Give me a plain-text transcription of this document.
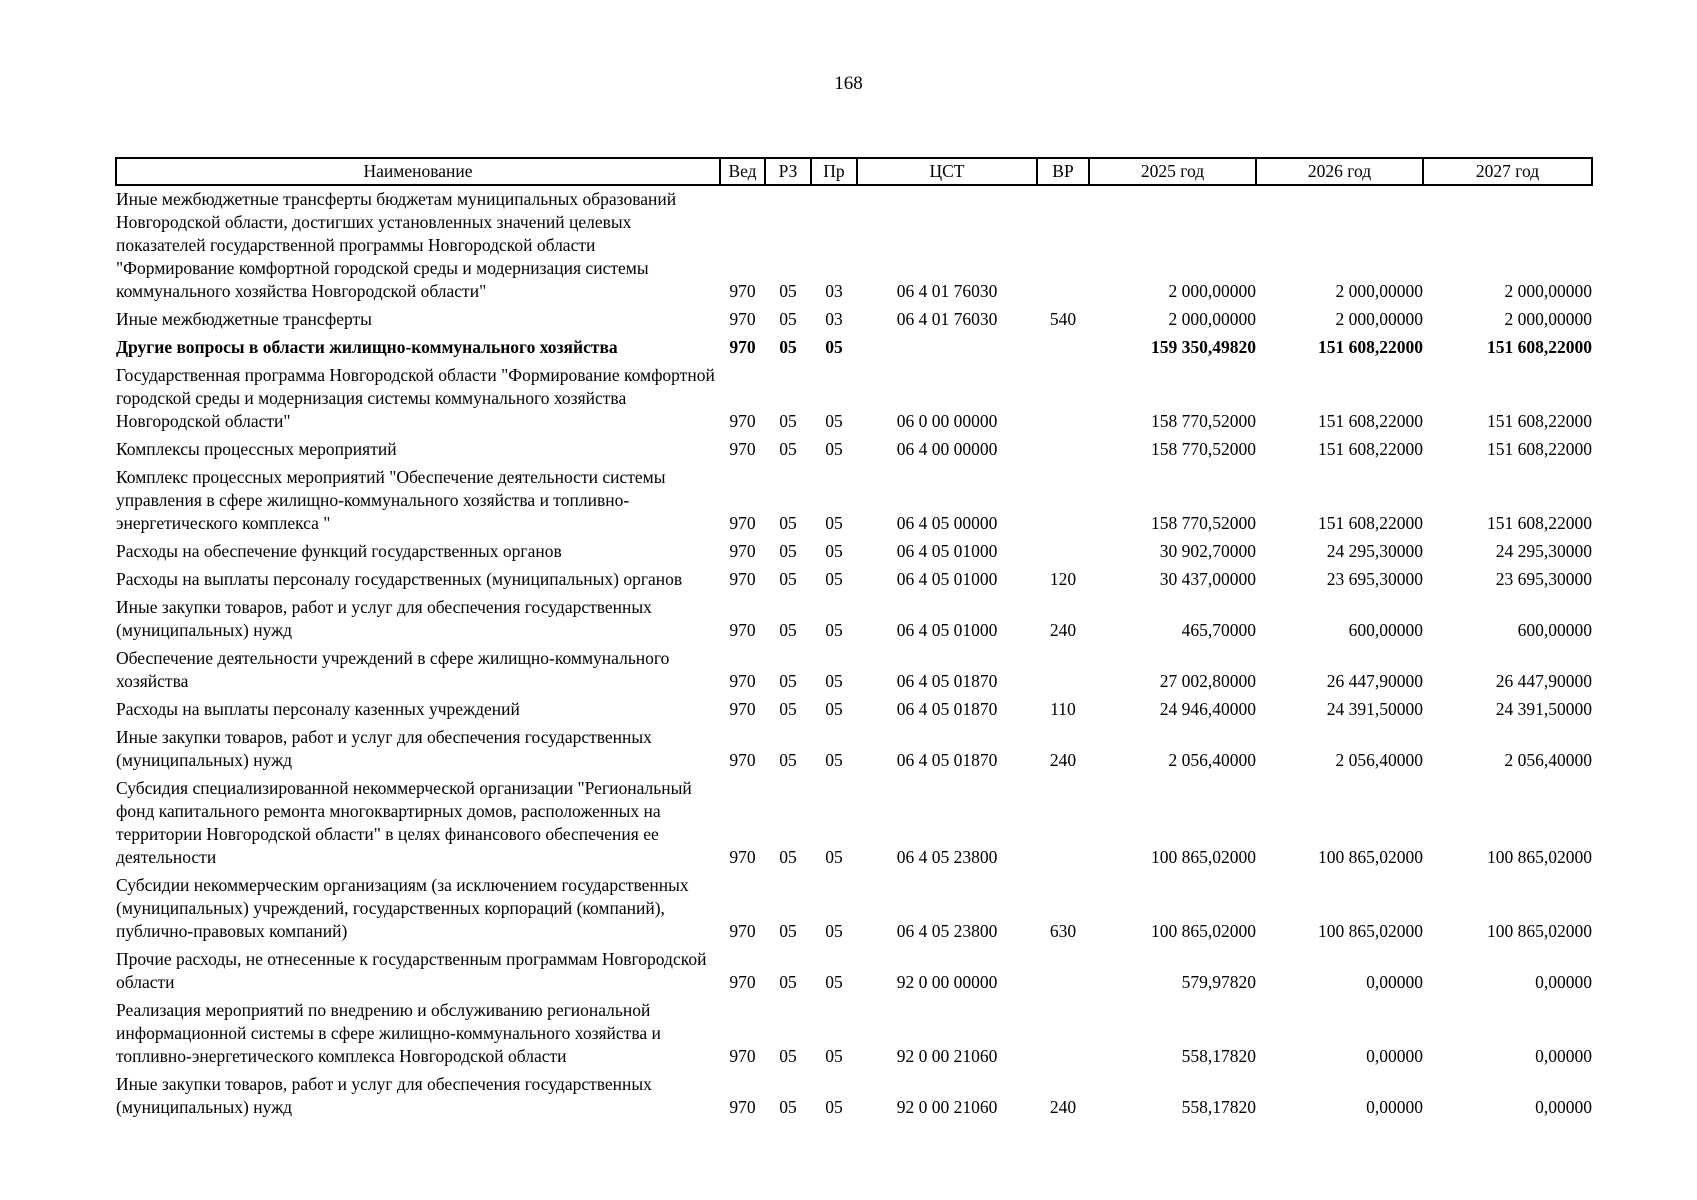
168
Наименование	Вед	РЗ	Пр	ЦСТ	ВР	2025 год	2026 год	2027 год
Иные межбюджетные трансферты бюджетам муниципальных образований Новгородской области, достигших установленных значений целевых показателей государственной программы Новгородской области "Формирование комфортной городской среды и модернизация системы коммунального хозяйства Новгородской области"	970	05	03	06 4 01 76030		2 000,00000	2 000,00000	2 000,00000
Иные межбюджетные трансферты	970	05	03	06 4 01 76030	540	2 000,00000	2 000,00000	2 000,00000
Другие вопросы в области жилищно-коммунального хозяйства	970	05	05			159 350,49820	151 608,22000	151 608,22000
Государственная программа Новгородской области "Формирование комфортной городской среды и модернизация системы коммунального хозяйства Новгородской области"	970	05	05	06 0 00 00000		158 770,52000	151 608,22000	151 608,22000
Комплексы процессных мероприятий	970	05	05	06 4 00 00000		158 770,52000	151 608,22000	151 608,22000
Комплекс процессных мероприятий "Обеспечение деятельности системы управления в сфере жилищно-коммунального хозяйства и топливно-энергетического комплекса "	970	05	05	06 4 05 00000		158 770,52000	151 608,22000	151 608,22000
Расходы на обеспечение функций государственных органов	970	05	05	06 4 05 01000		30 902,70000	24 295,30000	24 295,30000
Расходы на выплаты персоналу государственных (муниципальных) органов	970	05	05	06 4 05 01000	120	30 437,00000	23 695,30000	23 695,30000
Иные закупки товаров, работ и услуг для обеспечения государственных (муниципальных) нужд	970	05	05	06 4 05 01000	240	465,70000	600,00000	600,00000
Обеспечение деятельности учреждений в сфере жилищно-коммунального хозяйства	970	05	05	06 4 05 01870		27 002,80000	26 447,90000	26 447,90000
Расходы на выплаты персоналу казенных учреждений	970	05	05	06 4 05 01870	110	24 946,40000	24 391,50000	24 391,50000
Иные закупки товаров, работ и услуг для обеспечения государственных (муниципальных) нужд	970	05	05	06 4 05 01870	240	2 056,40000	2 056,40000	2 056,40000
Субсидия специализированной некоммерческой организации "Региональный фонд капитального ремонта многоквартирных домов, расположенных на территории Новгородской области" в целях финансового обеспечения ее деятельности	970	05	05	06 4 05 23800		100 865,02000	100 865,02000	100 865,02000
Субсидии некоммерческим организациям (за исключением государственных (муниципальных) учреждений, государственных корпораций (компаний), публично-правовых компаний)	970	05	05	06 4 05 23800	630	100 865,02000	100 865,02000	100 865,02000
Прочие расходы, не отнесенные к государственным программам Новгородской области	970	05	05	92 0 00 00000		579,97820	0,00000	0,00000
Реализация мероприятий по внедрению и обслуживанию региональной информационной системы в сфере жилищно-коммунального хозяйства и топливно-энергетического комплекса Новгородской области	970	05	05	92 0 00 21060		558,17820	0,00000	0,00000
Иные закупки товаров, работ и услуг для обеспечения государственных (муниципальных) нужд	970	05	05	92 0 00 21060	240	558,17820	0,00000	0,00000
